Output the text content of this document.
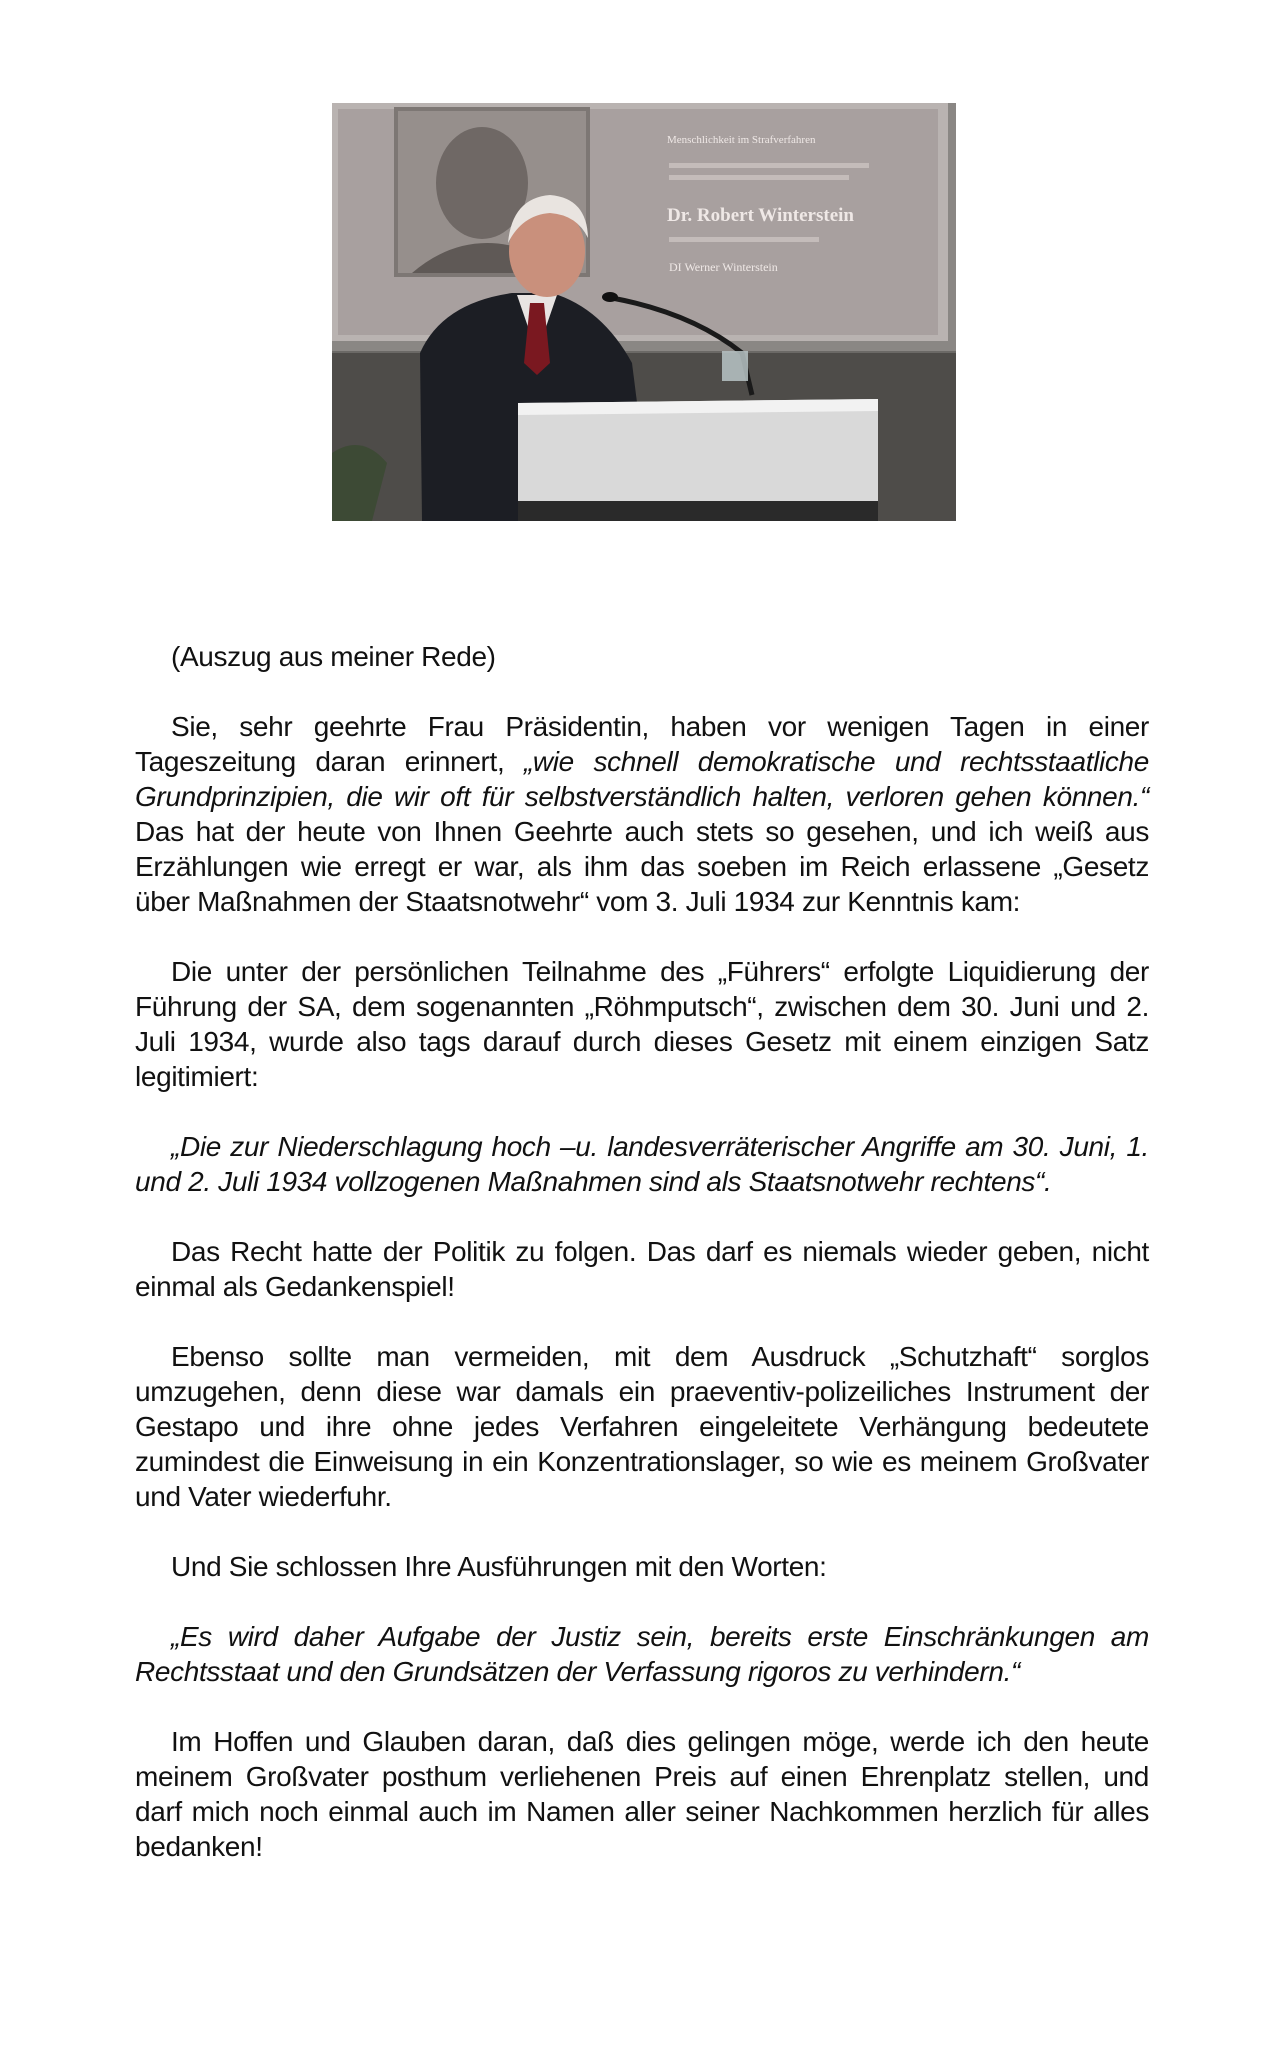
Menschlichkeit im Strafverfahren
Dr. Robert Winterstein
DI Werner Winterstein

(Auszug aus meiner Rede)

Sie, sehr geehrte Frau Präsidentin, haben vor wenigen Tagen in einer Tageszeitung daran erinnert, „wie schnell demokratische und rechtsstaatliche Grundprinzipien, die wir oft für selbstverständlich halten, verloren gehen können.“ Das hat der heute von Ihnen Geehrte auch stets so gesehen, und ich weiß aus Erzählungen wie erregt er war, als ihm das soeben im Reich erlassene „Gesetz über Maßnahmen der Staatsnotwehr“ vom 3. Juli 1934 zur Kenntnis kam:

Die unter der persönlichen Teilnahme des „Führers“ erfolgte Liquidierung der Führung der SA, dem sogenannten „Röhmputsch“, zwischen dem 30. Juni und 2. Juli 1934, wurde also tags darauf durch dieses Gesetz mit einem einzigen Satz legitimiert:

„Die zur Niederschlagung hoch –u. landesverräterischer Angriffe am 30. Juni, 1. und 2. Juli 1934 vollzogenen Maßnahmen sind als Staatsnotwehr rechtens“.

Das Recht hatte der Politik zu folgen. Das darf es niemals wieder geben, nicht einmal als Gedankenspiel!

Ebenso sollte man vermeiden, mit dem Ausdruck „Schutzhaft“ sorglos umzugehen, denn diese war damals ein praeventiv-polizeiliches Instrument der Gestapo und ihre ohne jedes Verfahren eingeleitete Verhängung bedeutete zumindest die Einweisung in ein Konzentrationslager, so wie es meinem Großvater und Vater wiederfuhr.

Und Sie schlossen Ihre Ausführungen mit den Worten:

„Es wird daher Aufgabe der Justiz sein, bereits erste Einschränkungen am Rechtsstaat und den Grundsätzen der Verfassung rigoros zu verhindern.“

Im Hoffen und Glauben daran, daß dies gelingen möge, werde ich den heute meinem Großvater posthum verliehenen Preis auf einen Ehrenplatz stellen, und darf mich noch einmal auch im Namen aller seiner Nachkommen herzlich für alles bedanken!
